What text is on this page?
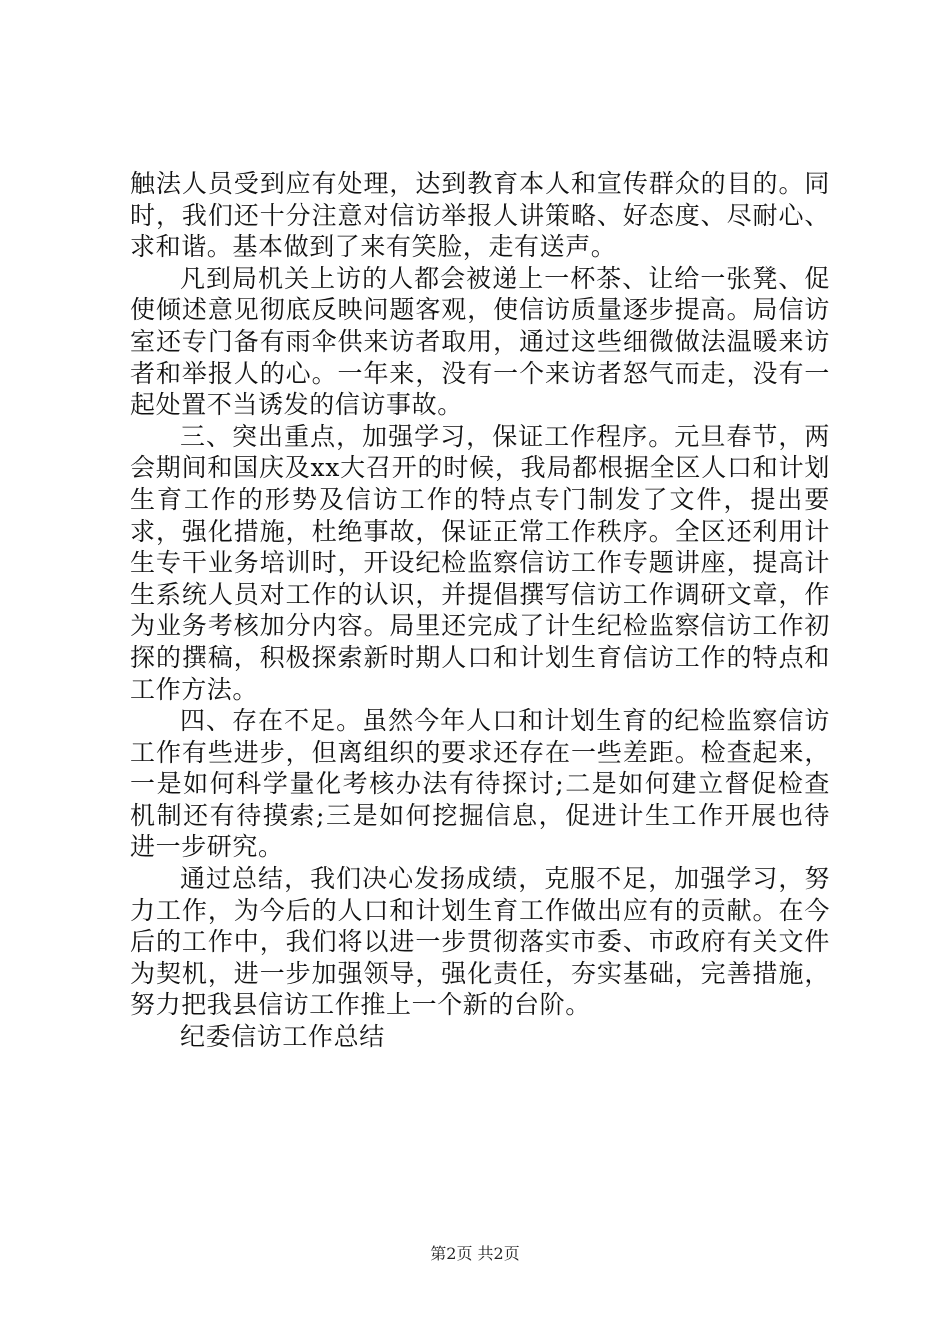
触法人员受到应有处理，达到教育本人和宣传群众的目的。同时，我们还十分注意对信访举报人讲策略、好态度、尽耐心、求和谐。基本做到了来有笑脸，走有送声。

凡到局机关上访的人都会被递上一杯茶、让给一张凳、促使倾述意见彻底反映问题客观，使信访质量逐步提高。局信访室还专门备有雨伞供来访者取用，通过这些细微做法温暖来访者和举报人的心。一年来，没有一个来访者怒气而走，没有一起处置不当诱发的信访事故。

三、突出重点，加强学习，保证工作程序。元旦春节，两会期间和国庆及xx大召开的时候，我局都根据全区人口和计划生育工作的形势及信访工作的特点专门制发了文件，提出要求，强化措施，杜绝事故，保证正常工作秩序。全区还利用计生专干业务培训时，开设纪检监察信访工作专题讲座，提高计生系统人员对工作的认识，并提倡撰写信访工作调研文章，作为业务考核加分内容。局里还完成了计生纪检监察信访工作初探的撰稿，积极探索新时期人口和计划生育信访工作的特点和工作方法。

四、存在不足。虽然今年人口和计划生育的纪检监察信访工作有些进步，但离组织的要求还存在一些差距。检查起来，一是如何科学量化考核办法有待探讨;二是如何建立督促检查机制还有待摸索;三是如何挖掘信息，促进计生工作开展也待进一步研究。

通过总结，我们决心发扬成绩，克服不足，加强学习，努力工作，为今后的人口和计划生育工作做出应有的贡献。在今后的工作中，我们将以进一步贯彻落实市委、市政府有关文件为契机，进一步加强领导，强化责任，夯实基础，完善措施，努力把我县信访工作推上一个新的台阶。

纪委信访工作总结

第2页 共2页
